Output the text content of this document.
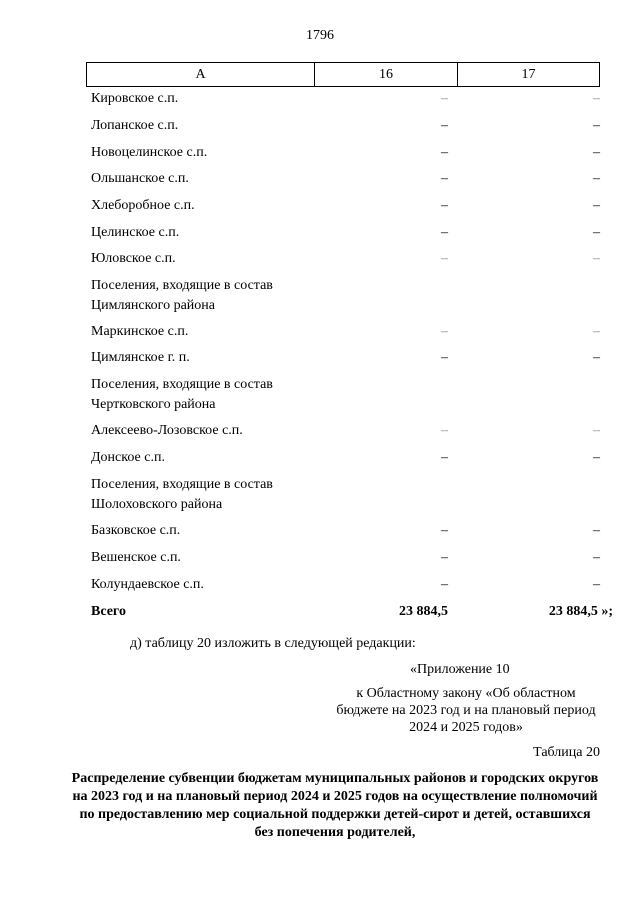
1796
А	16	17
Кировское с.п.	–	–
Лопанское с.п.	–	–
Новоцелинское с.п.	–	–
Ольшанское с.п.	–	–
Хлеборобное с.п.	–	–
Целинское с.п.	–	–
Юловское с.п.	–	–
Поселения, входящие в состав Цимлянского района
Маркинское с.п.	–	–
Цимлянское г. п.	–	–
Поселения, входящие в состав Чертковского района
Алексеево-Лозовское с.п.	–	–
Донское с.п.	–	–
Поселения, входящие в состав Шолоховского района
Базковское с.п.	–	–
Вешенское с.п.	–	–
Колундаевское с.п.	–	–
Всего	23 884,5	23 884,5 »;
д) таблицу 20 изложить в следующей редакции:
«Приложение 10
к Областному закону «Об областном бюджете на 2023 год и на плановый период 2024 и 2025 годов»
Таблица 20
Распределение субвенции бюджетам муниципальных районов и городских округов на 2023 год и на плановый период 2024 и 2025 годов на осуществление полномочий по предоставлению мер социальной поддержки детей-сирот и детей, оставшихся без попечения родителей,
